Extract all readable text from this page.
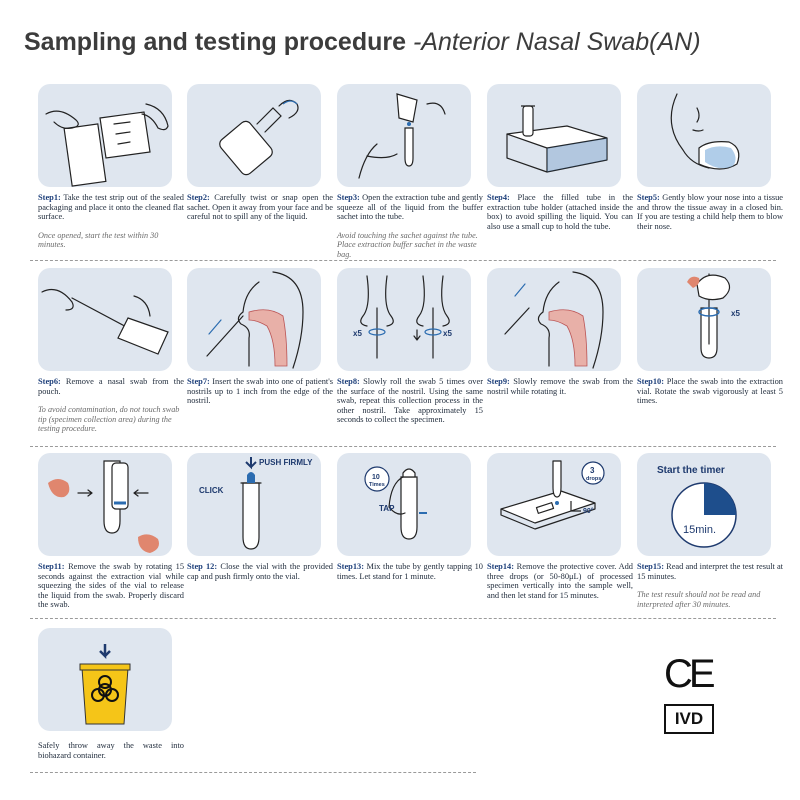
Sampling and testing procedure -Anterior Nasal Swab(AN)
Step1: Take the test strip out of the sealed packaging and place it onto the cleaned flat surface.
Once opened, start the test within 30 minutes.
Step2: Carefully twist or snap open the sachet. Open it away from your face and be careful not to spill any of the liquid.
Step3: Open the extraction tube and gently squeeze all of the liquid from the buffer sachet into the tube.
Avoid touching the sachet against the tube. Place extraction buffer sachet in the waste bag.
Step4: Place the filled tube in the extraction tube holder (attached inside the box) to avoid spilling the liquid. You can also use a small cup to hold the tube.
Step5: Gently blow your nose into a tissue and throw the tissue away in a closed bin. If you are testing a child help them to blow their nose.
Step6: Remove a nasal swab from the pouch.
To avoid contamination, do not touch swab tip (specimen collection area) during the testing procedure.
Step7: Insert the swab into one of patient's nostrils up to 1 inch from the edge of the nostril.
x5	x5
Step8: Slowly roll the swab 5 times over the surface of the nostril. Using the same swab, repeat this collection process in the other nostril. Take approximately 15 seconds to collect the specimen.
Step9: Slowly remove the swab from the nostril while rotating it.
x5
Step10: Place the swab into the extraction vial. Rotate the swab vigorously at least 5 times.
Step11: Remove the swab by rotating 15 seconds against the extraction vial while squeezing the sides of the vial to release the liquid from the swab. Properly discard the swab.
PUSH FIRMLY
CLICK
Step 12: Close the vial with the provided cap and push firmly onto the vial.
10
Times
TAP
Step13: Mix the tube by gently tapping 10 times. Let stand for 1 minute.
3
drops
90°
Step14: Remove the protective cover. Add three drops (or 50-80μL) of processed specimen vertically into the sample well, and then let stand for 15 minutes.
Start the timer
15min.
Step15: Read and interpret the test result at 15 minutes.
The test result should not be read and interpreted after 30 minutes.
Safely throw away the waste into biohazard container.
CE
IVD
